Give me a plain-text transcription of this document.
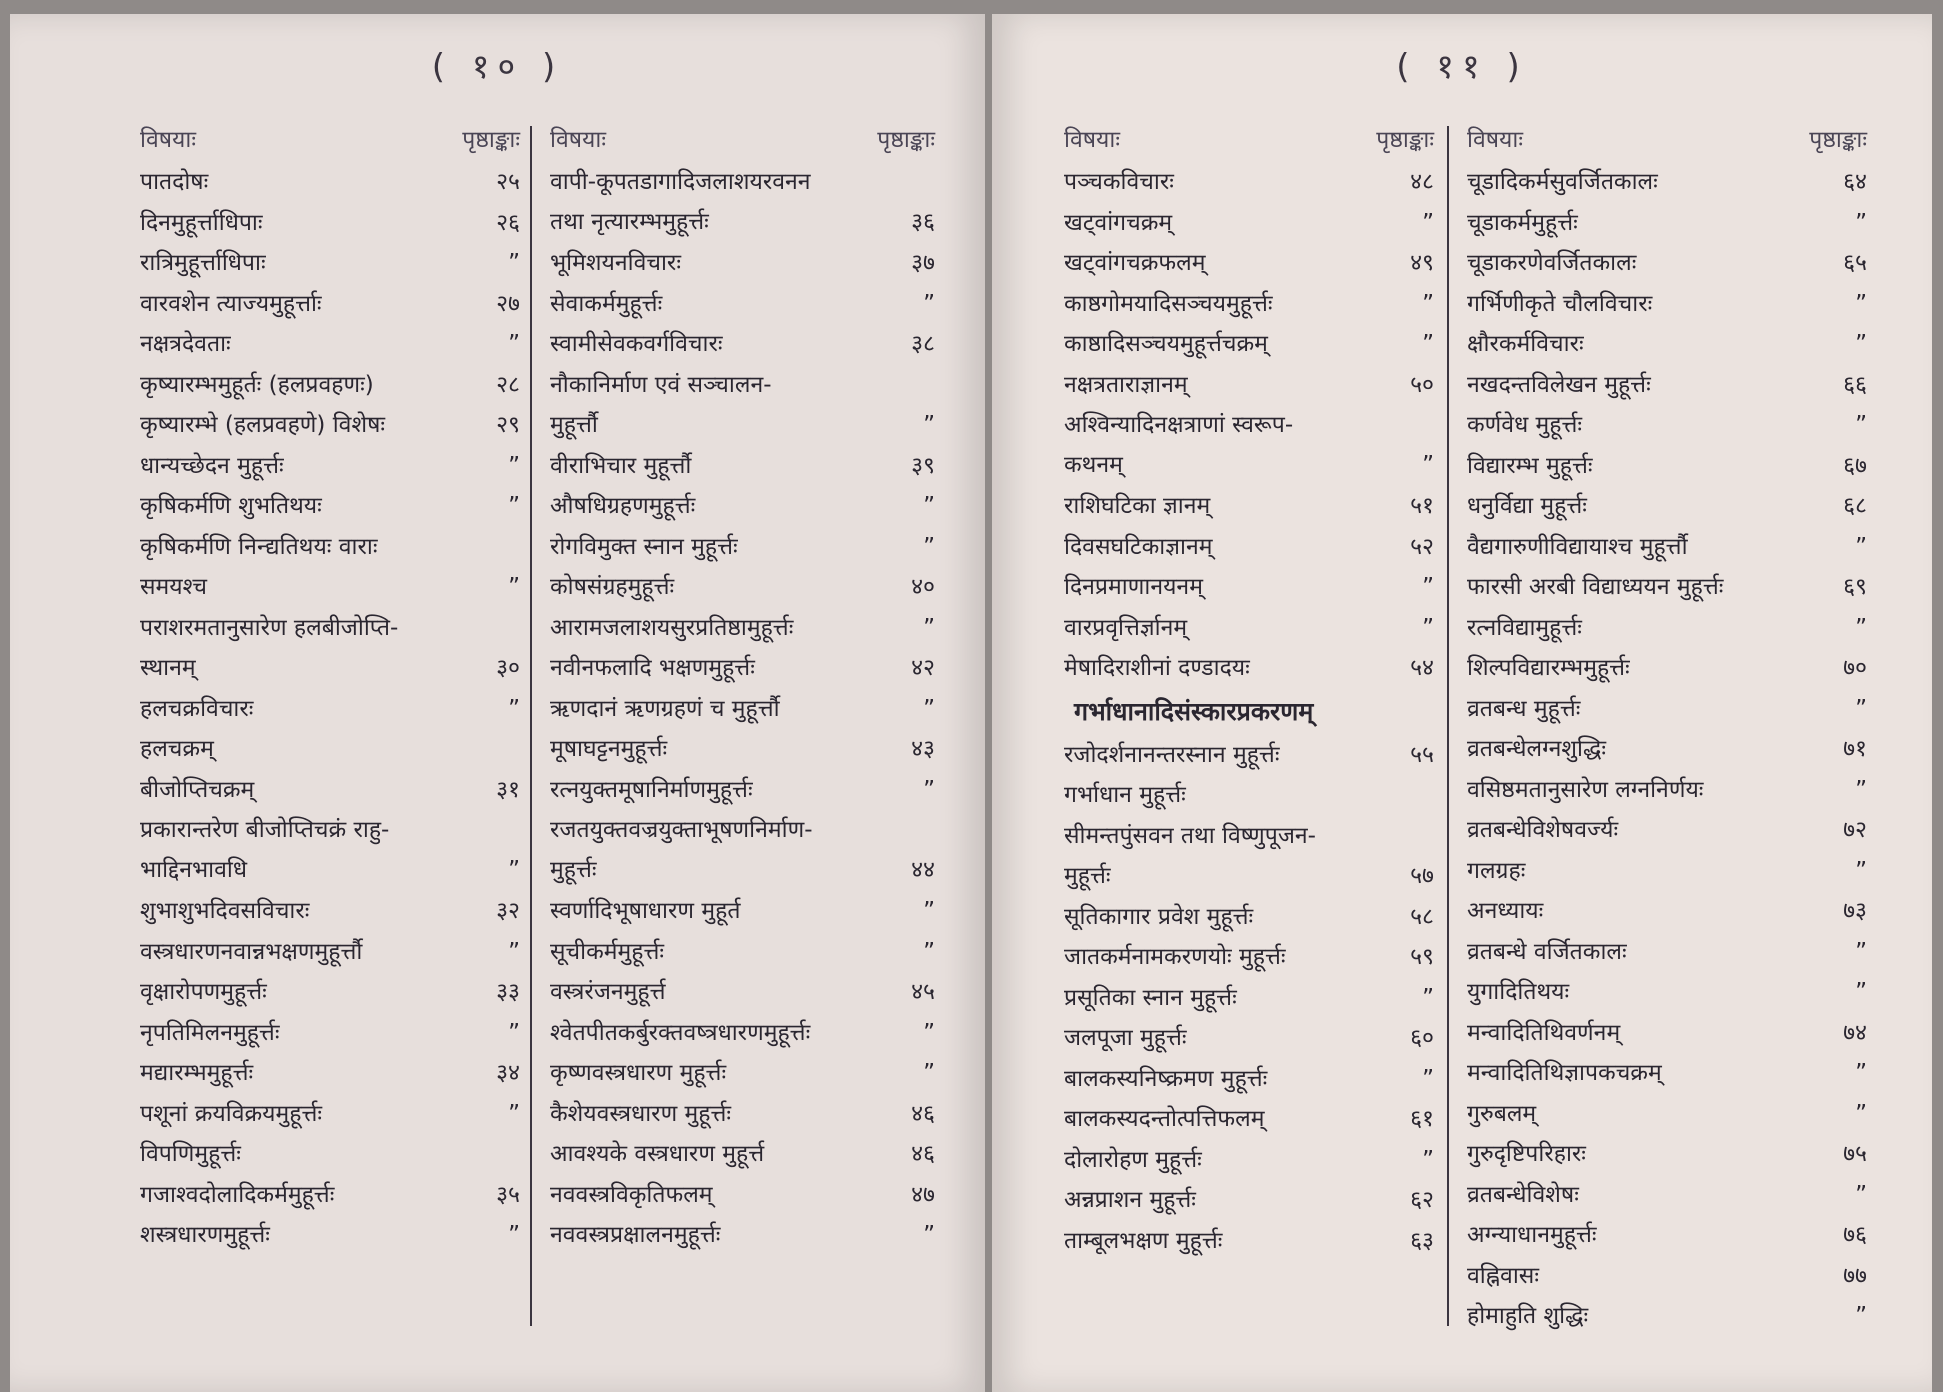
( १० )
विषयाः	पृष्ठाङ्काः
पातदोषः	२५
दिनमुहूर्त्ताधिपाः	२६
रात्रिमुहूर्त्ताधिपाः	”
वारवशेन त्याज्यमुहूर्त्ताः	२७
नक्षत्रदेवताः	”
कृष्यारम्भमुहूर्तः (हलप्रवहणः)	२८
कृष्यारम्भे (हलप्रवहणे) विशेषः	२९
धान्यच्छेदन मुहूर्त्तः	”
कृषिकर्मणि शुभतिथयः	”
कृषिकर्मणि निन्द्यतिथयः वाराः
समयश्च	”
पराशरमतानुसारेण हलबीजोप्ति-
स्थानम्	३०
हलचक्रविचारः	”
हलचक्रम्
बीजोप्तिचक्रम्	३१
प्रकारान्तरेण बीजोप्तिचक्रं राहु-
भाद्दिनभावधि	”
शुभाशुभदिवसविचारः	३२
वस्त्रधारणनवान्नभक्षणमुहूर्त्तौ	”
वृक्षारोपणमुहूर्त्तः	३३
नृपतिमिलनमुहूर्त्तः	”
मद्यारम्भमुहूर्त्तः	३४
पशूनां क्रयविक्रयमुहूर्त्तः	”
विपणिमुहूर्त्तः
गजाश्वदोलादिकर्ममुहूर्त्तः	३५
शस्त्रधारणमुहूर्त्तः	”
विषयाः	पृष्ठाङ्काः
वापी-कूपतडागादिजलाशयरवनन
तथा नृत्यारम्भमुहूर्त्तः	३६
भूमिशयनविचारः	३७
सेवाकर्ममुहूर्त्तः	”
स्वामीसेवकवर्गविचारः	३८
नौकानिर्माण एवं सञ्चालन-
मुहूर्त्तौ	”
वीराभिचार मुहूर्त्तौ	३९
औषधिग्रहणमुहूर्त्तः	”
रोगविमुक्त स्नान मुहूर्त्तः	”
कोषसंग्रहमुहूर्त्तः	४०
आरामजलाशयसुरप्रतिष्ठामुहूर्त्तः	”
नवीनफलादि भक्षणमुहूर्त्तः	४२
ऋणदानं ऋणग्रहणं च मुहूर्त्तौ	”
मूषाघट्टनमुहूर्त्तः	४३
रत्नयुक्तमूषानिर्माणमुहूर्त्तः	”
रजतयुक्तवज्रयुक्ताभूषणनिर्माण-
मुहूर्त्तः	४४
स्वर्णादिभूषाधारण मुहूर्त	”
सूचीकर्ममुहूर्त्तः	”
वस्त्ररंजनमुहूर्त्त	४५
श्वेतपीतकर्बुरक्तवष्त्रधारणमुहूर्त्तः	”
कृष्णवस्त्रधारण मुहूर्त्तः	”
कैशेयवस्त्रधारण मुहूर्त्तः	४६
आवश्यके वस्त्रधारण मुहूर्त्त	४६
नववस्त्रविकृतिफलम्	४७
नववस्त्रप्रक्षालनमुहूर्त्तः	”
( ११ )
विषयाः	पृष्ठाङ्काः
पञ्चकविचारः	४८
खट्वांगचक्रम्	”
खट्वांगचक्रफलम्	४९
काष्ठगोमयादिसञ्चयमुहूर्त्तः	”
काष्ठादिसञ्चयमुहूर्त्तचक्रम्	”
नक्षत्रताराज्ञानम्	५०
अश्विन्यादिनक्षत्राणां स्वरूप-
कथनम्	”
राशिघटिका ज्ञानम्	५१
दिवसघटिकाज्ञानम्	५२
दिनप्रमाणानयनम्	”
वारप्रवृत्तिर्ज्ञानम्	”
मेषादिराशीनां दण्डादयः	५४
गर्भाधानादिसंस्कारप्रकरणम्
रजोदर्शनानन्तरस्नान मुहूर्त्तः	५५
गर्भाधान मुहूर्त्तः
सीमन्तपुंसवन तथा विष्णुपूजन-
मुहूर्त्तः	५७
सूतिकागार प्रवेश मुहूर्त्तः	५८
जातकर्मनामकरणयोः मुहूर्त्तः	५९
प्रसूतिका स्नान मुहूर्त्तः	”
जलपूजा मुहूर्त्तः	६०
बालकस्यनिष्क्रमण मुहूर्त्तः	”
बालकस्यदन्तोत्पत्तिफलम्	६१
दोलारोहण मुहूर्त्तः	”
अन्नप्राशन मुहूर्त्तः	६२
ताम्बूलभक्षण मुहूर्त्तः	६३
विषयाः	पृष्ठाङ्काः
चूडादिकर्मसुवर्जितकालः	६४
चूडाकर्ममुहूर्त्तः	”
चूडाकरणेवर्जितकालः	६५
गर्भिणीकृते चौलविचारः	”
क्षौरकर्मविचारः	”
नखदन्तविलेखन मुहूर्त्तः	६६
कर्णवेध मुहूर्त्तः	”
विद्यारम्भ मुहूर्त्तः	६७
धनुर्विद्या मुहूर्त्तः	६८
वैद्यगारुणीविद्यायाश्च मुहूर्त्तौ	”
फारसी अरबी विद्याध्ययन मुहूर्त्तः	६९
रत्नविद्यामुहूर्त्तः	”
शिल्पविद्यारम्भमुहूर्त्तः	७०
व्रतबन्ध मुहूर्त्तः	”
व्रतबन्धेलग्नशुद्धिः	७१
वसिष्ठमतानुसारेण लग्ननिर्णयः	”
व्रतबन्धेविशेषवर्ज्यः	७२
गलग्रहः	”
अनध्यायः	७३
व्रतबन्धे वर्जितकालः	”
युगादितिथयः	”
मन्वादितिथिवर्णनम्	७४
मन्वादितिथिज्ञापकचक्रम्	”
गुरुबलम्	”
गुरुदृष्टिपरिहारः	७५
व्रतबन्धेविशेषः	”
अग्न्याधानमुहूर्त्तः	७६
वह्निवासः	७७
होमाहुति शुद्धिः	”
